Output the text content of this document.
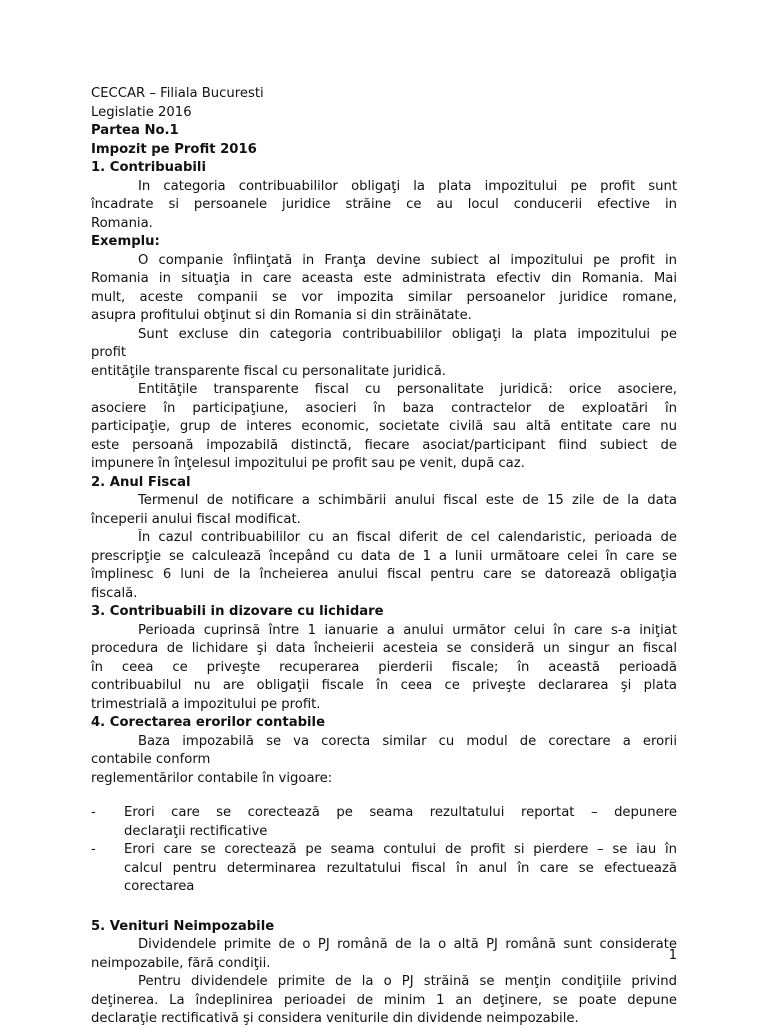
CECCAR – Filiala Bucuresti
Legislatie 2016
Partea No.1
Impozit pe Profit 2016
1. Contribuabili
In categoria contribuabililor obligaţi la plata impozitului pe profit sunt
încadrate si persoanele juridice străine ce au locul conducerii efective in
Romania.
Exemplu:
O companie înfiinţată in Franţa devine subiect al impozitului pe profit in
Romania in situaţia in care aceasta este administrata efectiv din Romania. Mai
mult, aceste companii se vor impozita similar persoanelor juridice romane,
asupra profitului obţinut si din Romania si din străinătate.
Sunt excluse din categoria contribuabililor obligaţi la plata impozitului pe
profit
entităţile transparente fiscal cu personalitate juridică.
Entităţile transparente fiscal cu personalitate juridică: orice asociere,
asociere în participaţiune, asocieri în baza contractelor de exploatări în
participaţie, grup de interes economic, societate civilă sau altă entitate care nu
este persoană impozabilă distinctă, fiecare asociat/participant fiind subiect de
impunere în înţelesul impozitului pe profit sau pe venit, după caz.
2. Anul Fiscal
Termenul de notificare a schimbării anului fiscal este de 15 zile de la data
începerii anului fiscal modificat.
În cazul contribuabililor cu an fiscal diferit de cel calendaristic, perioada de
prescripţie se calculează începând cu data de 1 a lunii următoare celei în care se
împlinesc 6 luni de la încheierea anului fiscal pentru care se datorează obligaţia
fiscală.
3. Contribuabili in dizovare cu lichidare
Perioada cuprinsă între 1 ianuarie a anului următor celui în care s-a iniţiat
procedura de lichidare şi data încheierii acesteia se consideră un singur an fiscal
în ceea ce priveşte recuperarea pierderii fiscale; în această perioadă
contribuabilul nu are obligaţii fiscale în ceea ce priveşte declararea şi plata
trimestrială a impozitului pe profit.
4. Corectarea erorilor contabile
Baza impozabilă se va corecta similar cu modul de corectare a erorii
contabile conform
reglementărilor contabile în vigoare:
- Erori care se corectează pe seama rezultatului reportat – depunere
declaraţii rectificative
- Erori care se corectează pe seama contului de profit si pierdere – se iau în
calcul pentru determinarea rezultatului fiscal în anul în care se efectuează
corectarea
5. Venituri Neimpozabile
Dividendele primite de o PJ română de la o altă PJ română sunt considerate
neimpozabile, fără condiţii.
Pentru dividendele primite de la o PJ străină se menţin condiţiile privind
deţinerea. La îndeplinirea perioadei de minim 1 an deţinere, se poate depune
declaraţie rectificativă şi considera veniturile din dividende neimpozabile.
1
